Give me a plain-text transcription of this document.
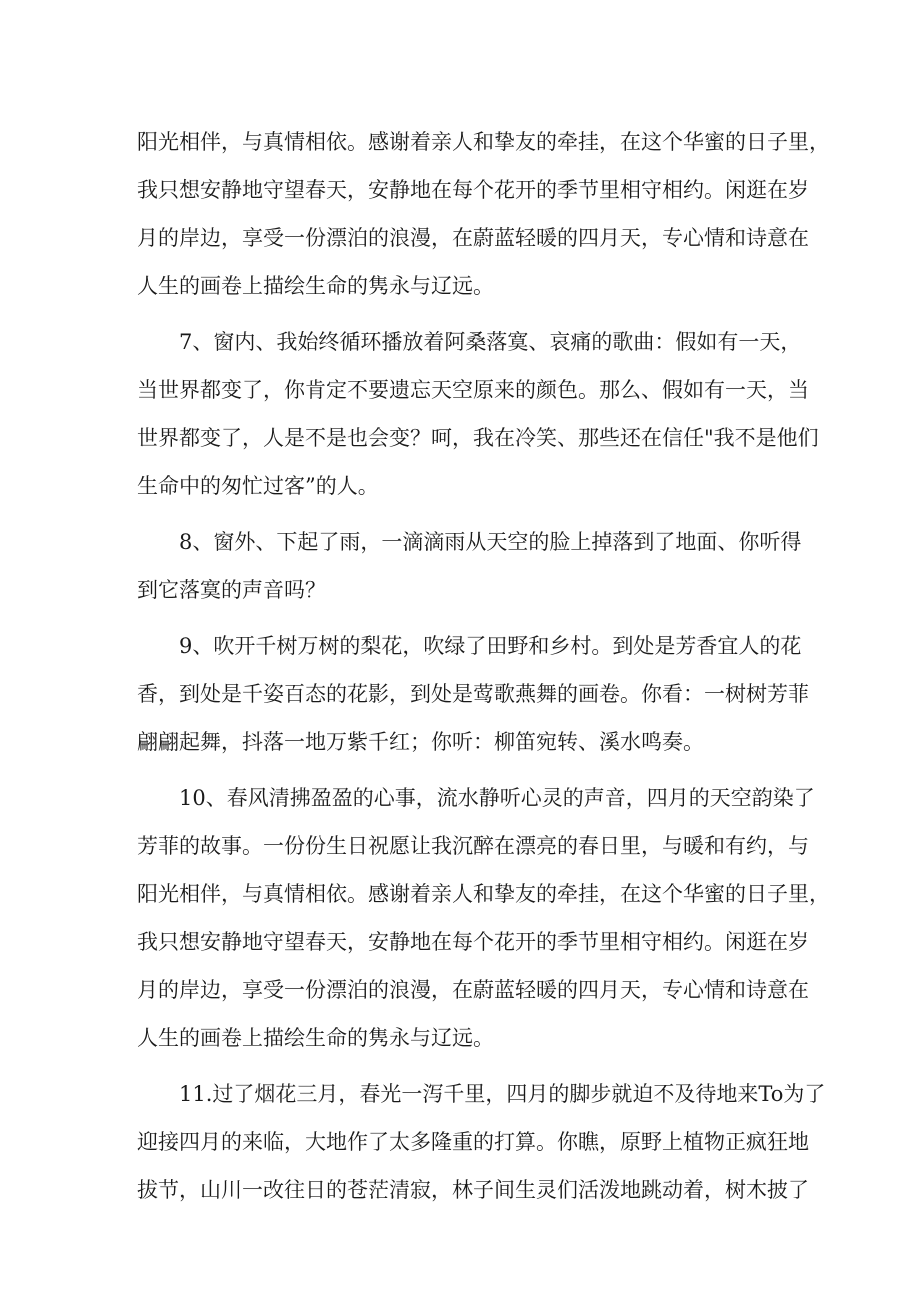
阳光相伴，与真情相依。感谢着亲人和挚友的牵挂，在这个华蜜的日子里，
我只想安静地守望春天，安静地在每个花开的季节里相守相约。闲逛在岁
月的岸边，享受一份漂泊的浪漫，在蔚蓝轻暖的四月天，专心情和诗意在
人生的画卷上描绘生命的隽永与辽远。
7、窗内、我始终循环播放着阿桑落寞、哀痛的歌曲：假如有一天，
当世界都变了，你肯定不要遗忘天空原来的颜色。那么、假如有一天，当
世界都变了，人是不是也会变？呵，我在冷笑、那些还在信任"我不是他们
生命中的匆忙过客”的人。
8、窗外、下起了雨，一滴滴雨从天空的脸上掉落到了地面、你听得
到它落寞的声音吗？
9、吹开千树万树的梨花，吹绿了田野和乡村。到处是芳香宜人的花
香，到处是千姿百态的花影，到处是莺歌燕舞的画卷。你看：一树树芳菲
翩翩起舞，抖落一地万紫千红；你听：柳笛宛转、溪水鸣奏。
10、春风清拂盈盈的心事，流水静听心灵的声音，四月的天空韵染了
芳菲的故事。一份份生日祝愿让我沉醉在漂亮的春日里，与暖和有约，与
阳光相伴，与真情相依。感谢着亲人和挚友的牵挂，在这个华蜜的日子里，
我只想安静地守望春天，安静地在每个花开的季节里相守相约。闲逛在岁
月的岸边，享受一份漂泊的浪漫，在蔚蓝轻暖的四月天，专心情和诗意在
人生的画卷上描绘生命的隽永与辽远。
11.过了烟花三月，春光一泻千里，四月的脚步就迫不及待地来To为了
迎接四月的来临，大地作了太多隆重的打算。你瞧，原野上植物正疯狂地
拔节，山川一改往日的苍茫清寂，林子间生灵们活泼地跳动着，树木披了
